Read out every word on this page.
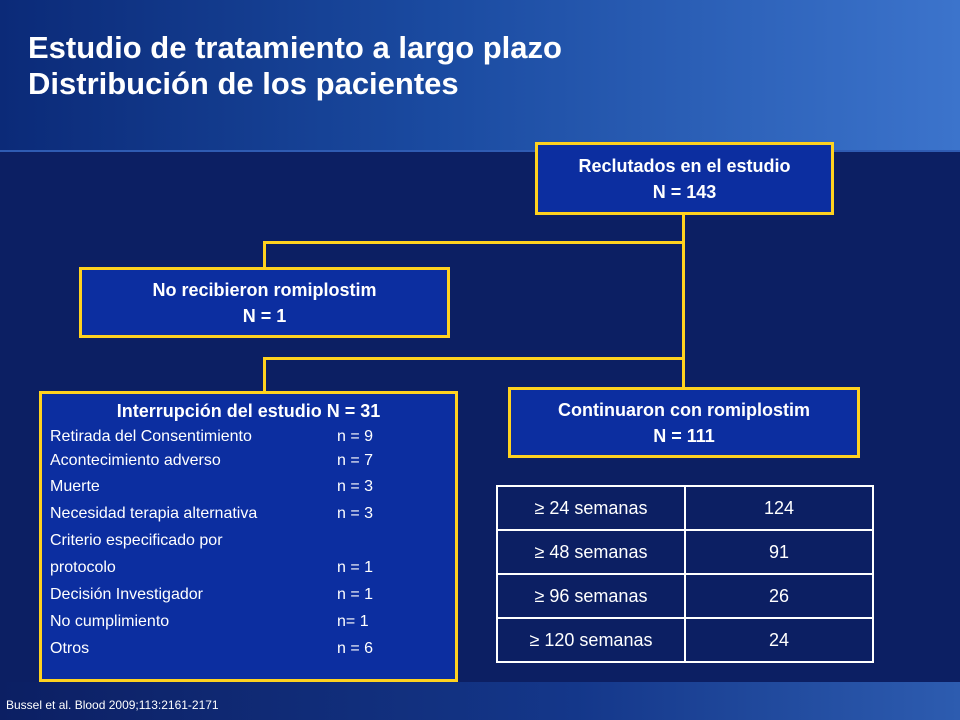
Estudio de tratamiento a largo plazo
Distribución de los pacientes
Reclutados en el estudio
N = 143
No recibieron romiplostim
N = 1
Continuaron con romiplostim
N = 111
Interrupción del estudio N = 31
Retirada del Consentimiento	n = 9
Acontecimiento adverso	n = 7
Muerte	n = 3
Necesidad terapia alternativa	n = 3
Criterio especificado por
protocolo	n = 1
Decisión Investigador	n = 1
No cumplimiento	n= 1
Otros	n = 6
≥ 24 semanas	124
≥ 48 semanas	91
≥ 96 semanas	26
≥ 120 semanas	24
Bussel et al. Blood 2009;113:2161-2171
